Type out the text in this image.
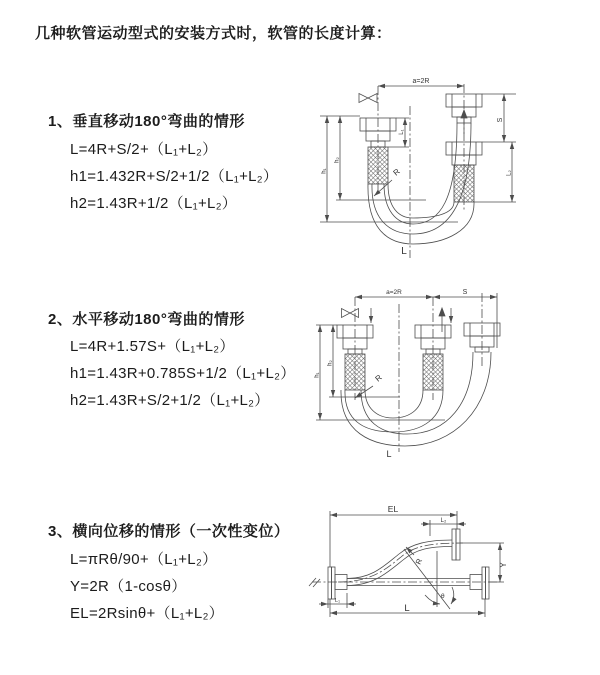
几种软管运动型式的安装方式时，软管的长度计算：
1、垂直移动180°弯曲的情形
L=4R+S/2+（L₁+L₂）
h1=1.432R+S/2+1/2（L₁+L₂）
h2=1.43R+1/2（L₁+L₂）
2、水平移动180°弯曲的情形
L=4R+1.57S+（L₁+L₂）
h1=1.43R+0.785S+1/2（L₁+L₂）
h2=1.43R+S/2+1/2（L₁+L₂）
3、横向位移的情形（一次性变位）
L=πRθ/90+（L₁+L₂）
Y=2R（1-cosθ）
EL=2Rsinθ+（L₁+L₂）
a=2R
L₁
S
L₂
h₂
h₁	R
L
a=2R	S
h₂
h₁	R
L
EL
L₂
Y
R
θ
L
L₁
